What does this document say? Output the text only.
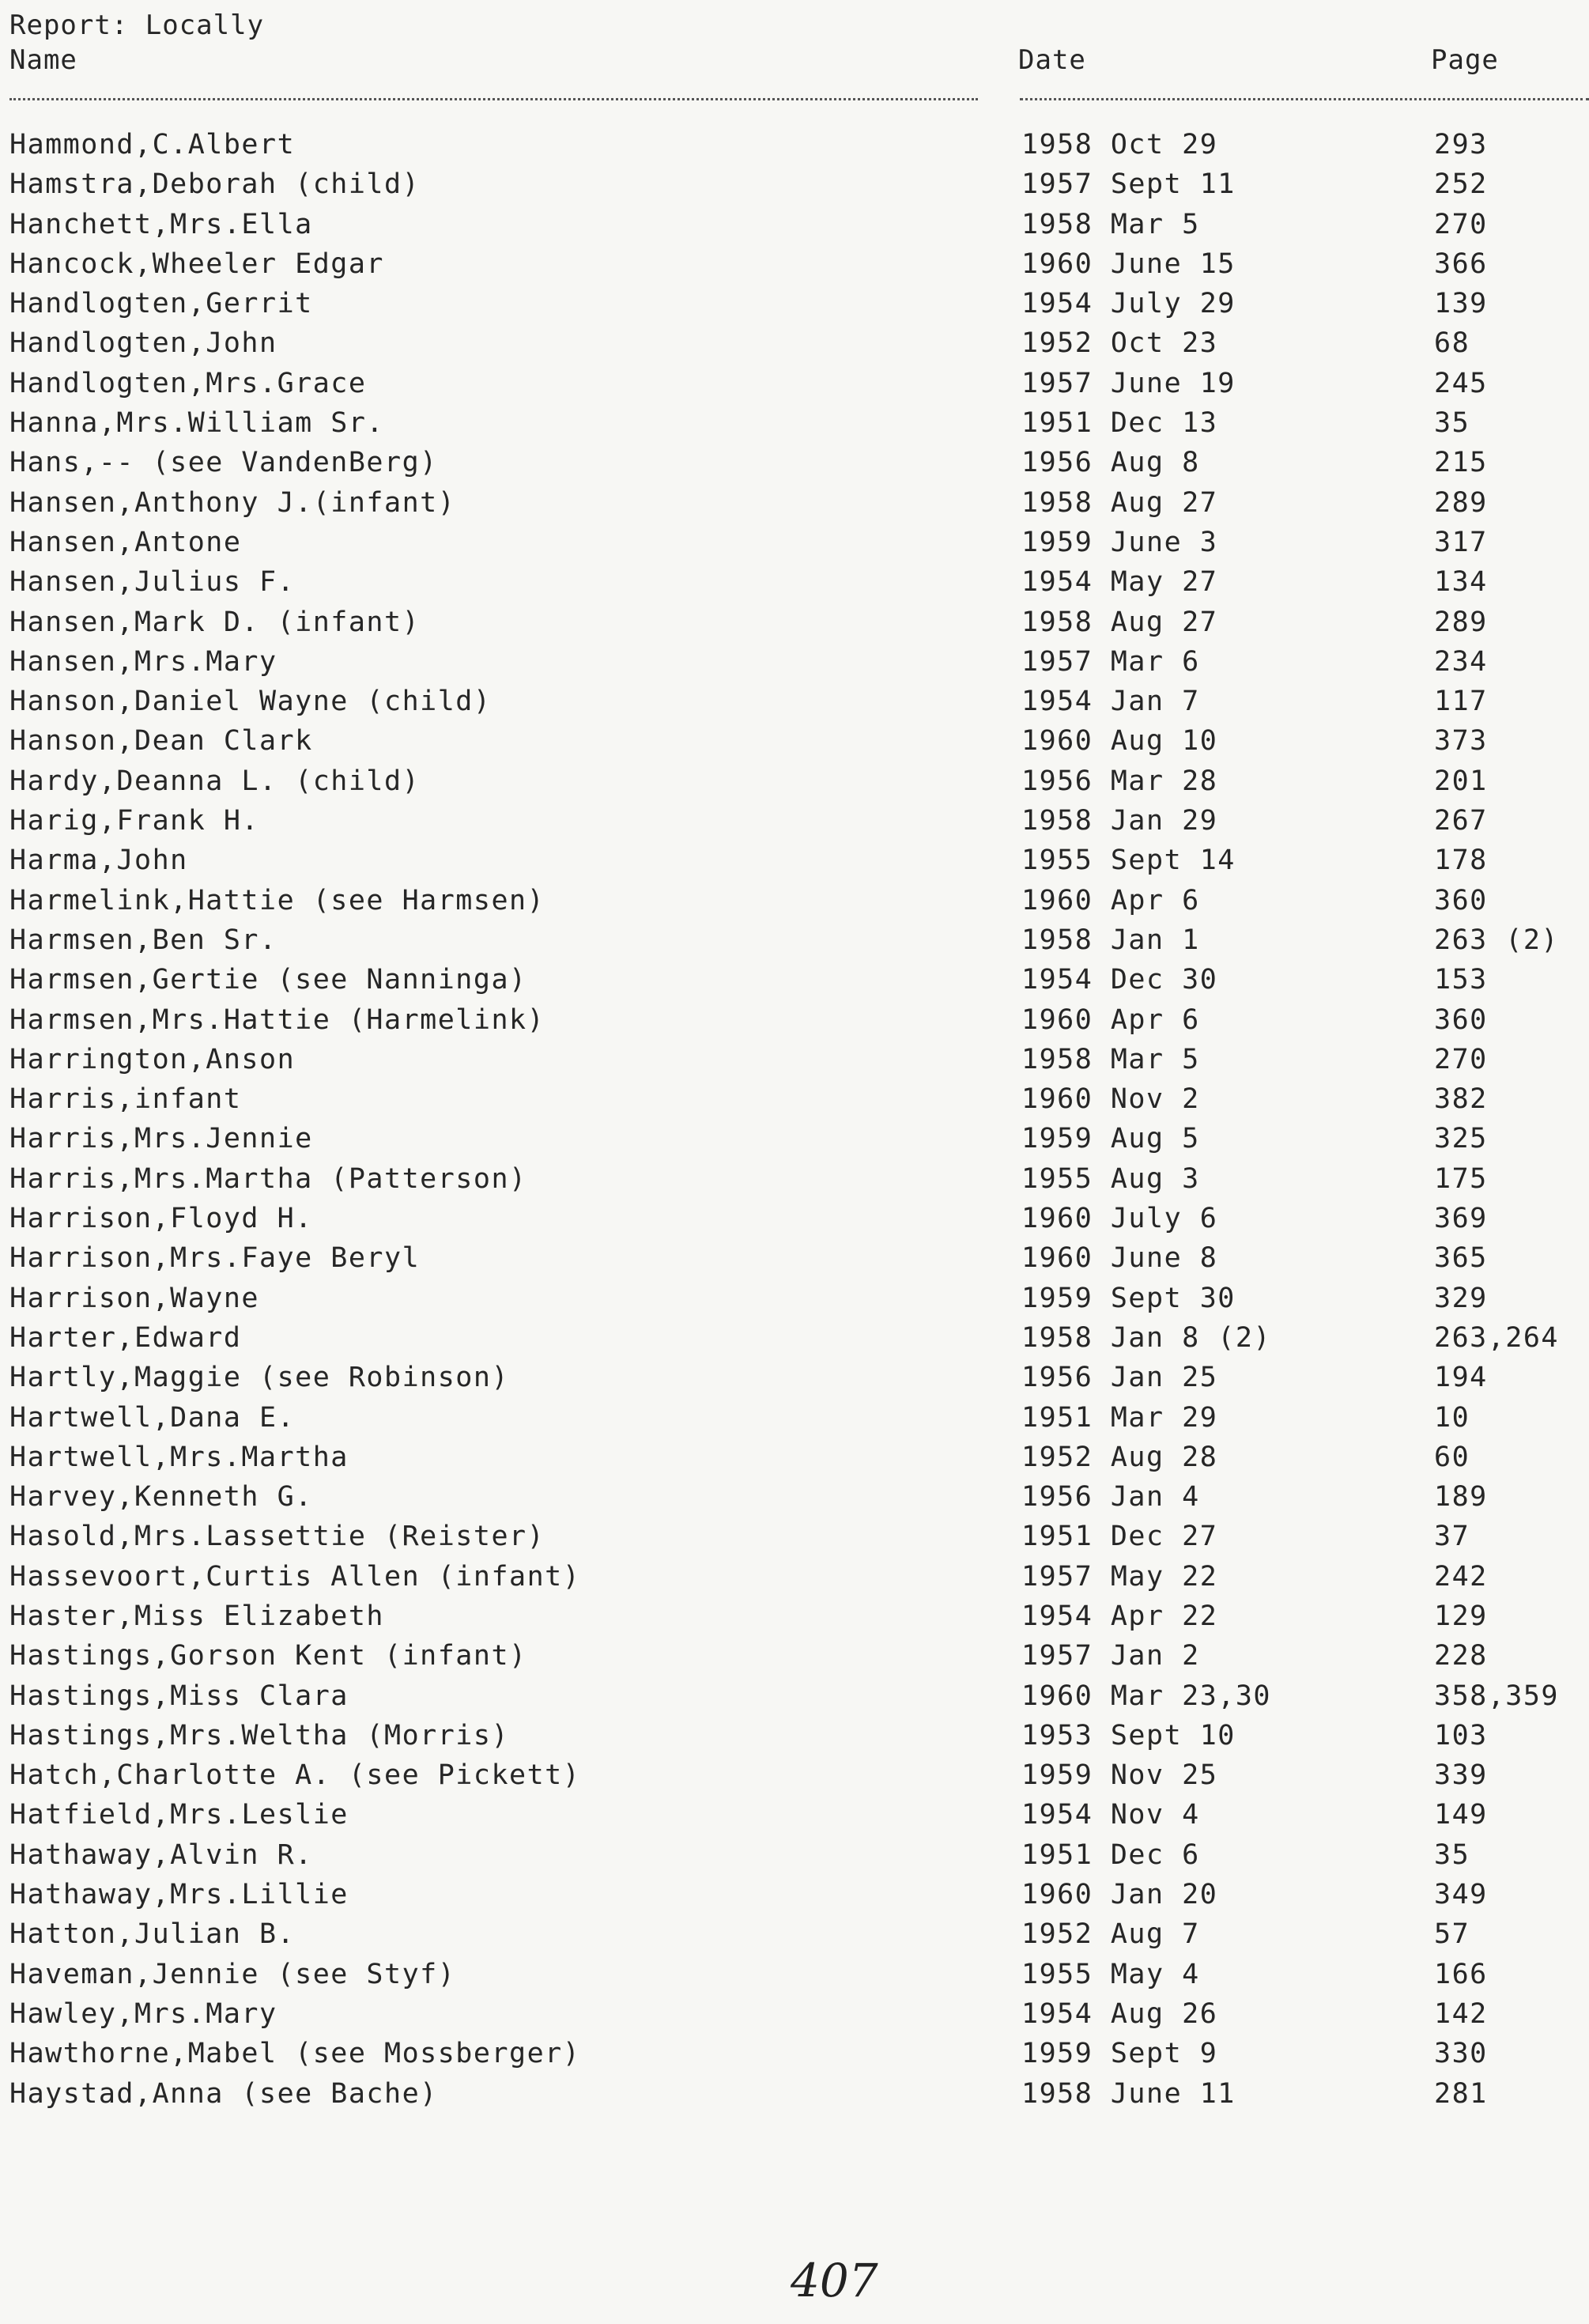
Report: Locally
Name	Date	Page
Hammond,C.Albert	1958 Oct 29	293
Hamstra,Deborah (child)	1957 Sept 11	252
Hanchett,Mrs.Ella	1958 Mar 5	270
Hancock,Wheeler Edgar	1960 June 15	366
Handlogten,Gerrit	1954 July 29	139
Handlogten,John	1952 Oct 23	68
Handlogten,Mrs.Grace	1957 June 19	245
Hanna,Mrs.William Sr.	1951 Dec 13	35
Hans,-- (see VandenBerg)	1956 Aug 8	215
Hansen,Anthony J.(infant)	1958 Aug 27	289
Hansen,Antone	1959 June 3	317
Hansen,Julius F.	1954 May 27	134
Hansen,Mark D. (infant)	1958 Aug 27	289
Hansen,Mrs.Mary	1957 Mar 6	234
Hanson,Daniel Wayne (child)	1954 Jan 7	117
Hanson,Dean Clark	1960 Aug 10	373
Hardy,Deanna L. (child)	1956 Mar 28	201
Harig,Frank H.	1958 Jan 29	267
Harma,John	1955 Sept 14	178
Harmelink,Hattie (see Harmsen)	1960 Apr 6	360
Harmsen,Ben Sr.	1958 Jan 1	263 (2)
Harmsen,Gertie (see Nanninga)	1954 Dec 30	153
Harmsen,Mrs.Hattie (Harmelink)	1960 Apr 6	360
Harrington,Anson	1958 Mar 5	270
Harris,infant	1960 Nov 2	382
Harris,Mrs.Jennie	1959 Aug 5	325
Harris,Mrs.Martha (Patterson)	1955 Aug 3	175
Harrison,Floyd H.	1960 July 6	369
Harrison,Mrs.Faye Beryl	1960 June 8	365
Harrison,Wayne	1959 Sept 30	329
Harter,Edward	1958 Jan 8 (2)	263,264
Hartly,Maggie (see Robinson)	1956 Jan 25	194
Hartwell,Dana E.	1951 Mar 29	10
Hartwell,Mrs.Martha	1952 Aug 28	60
Harvey,Kenneth G.	1956 Jan 4	189
Hasold,Mrs.Lassettie (Reister)	1951 Dec 27	37
Hassevoort,Curtis Allen (infant)	1957 May 22	242
Haster,Miss Elizabeth	1954 Apr 22	129
Hastings,Gorson Kent (infant)	1957 Jan 2	228
Hastings,Miss Clara	1960 Mar 23,30	358,359
Hastings,Mrs.Weltha (Morris)	1953 Sept 10	103
Hatch,Charlotte A. (see Pickett)	1959 Nov 25	339
Hatfield,Mrs.Leslie	1954 Nov 4	149
Hathaway,Alvin R.	1951 Dec 6	35
Hathaway,Mrs.Lillie	1960 Jan 20	349
Hatton,Julian B.	1952 Aug 7	57
Haveman,Jennie (see Styf)	1955 May 4	166
Hawley,Mrs.Mary	1954 Aug 26	142
Hawthorne,Mabel (see Mossberger)	1959 Sept 9	330
Haystad,Anna (see Bache)	1958 June 11	281
407
